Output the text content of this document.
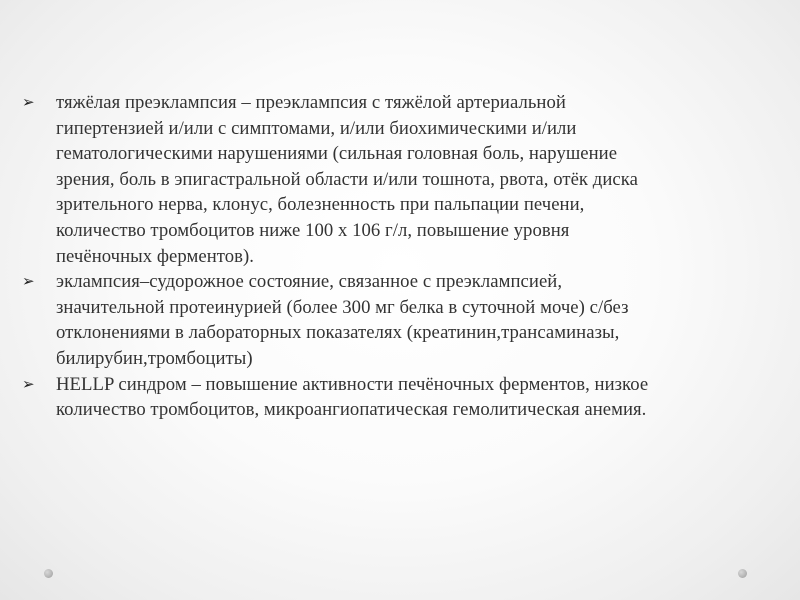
➢	тяжёлая преэклампсия – преэклампсия с тяжёлой артериальной
гипертензией и/или с симптомами, и/или биохимическими и/или
гематологическими нарушениями (сильная головная боль, нарушение
зрения, боль в эпигастральной области и/или тошнота, рвота, отёк диска
зрительного нерва, клонус, болезненность при пальпации печени,
количество тромбоцитов ниже 100 х 106 г/л, повышение уровня
печёночных ферментов).
➢	эклампсия–судорожное состояние, связанное с преэклампсией,
значительной протеинурией (более 300 мг белка в суточной моче) с/без
отклонениями в лабораторных показателях (креатинин,трансаминазы,
билирубин,тромбоциты)
➢	HELLP синдром – повышение активности печёночных ферментов, низкое
количество тромбоцитов, микроангиопатическая гемолитическая анемия.
